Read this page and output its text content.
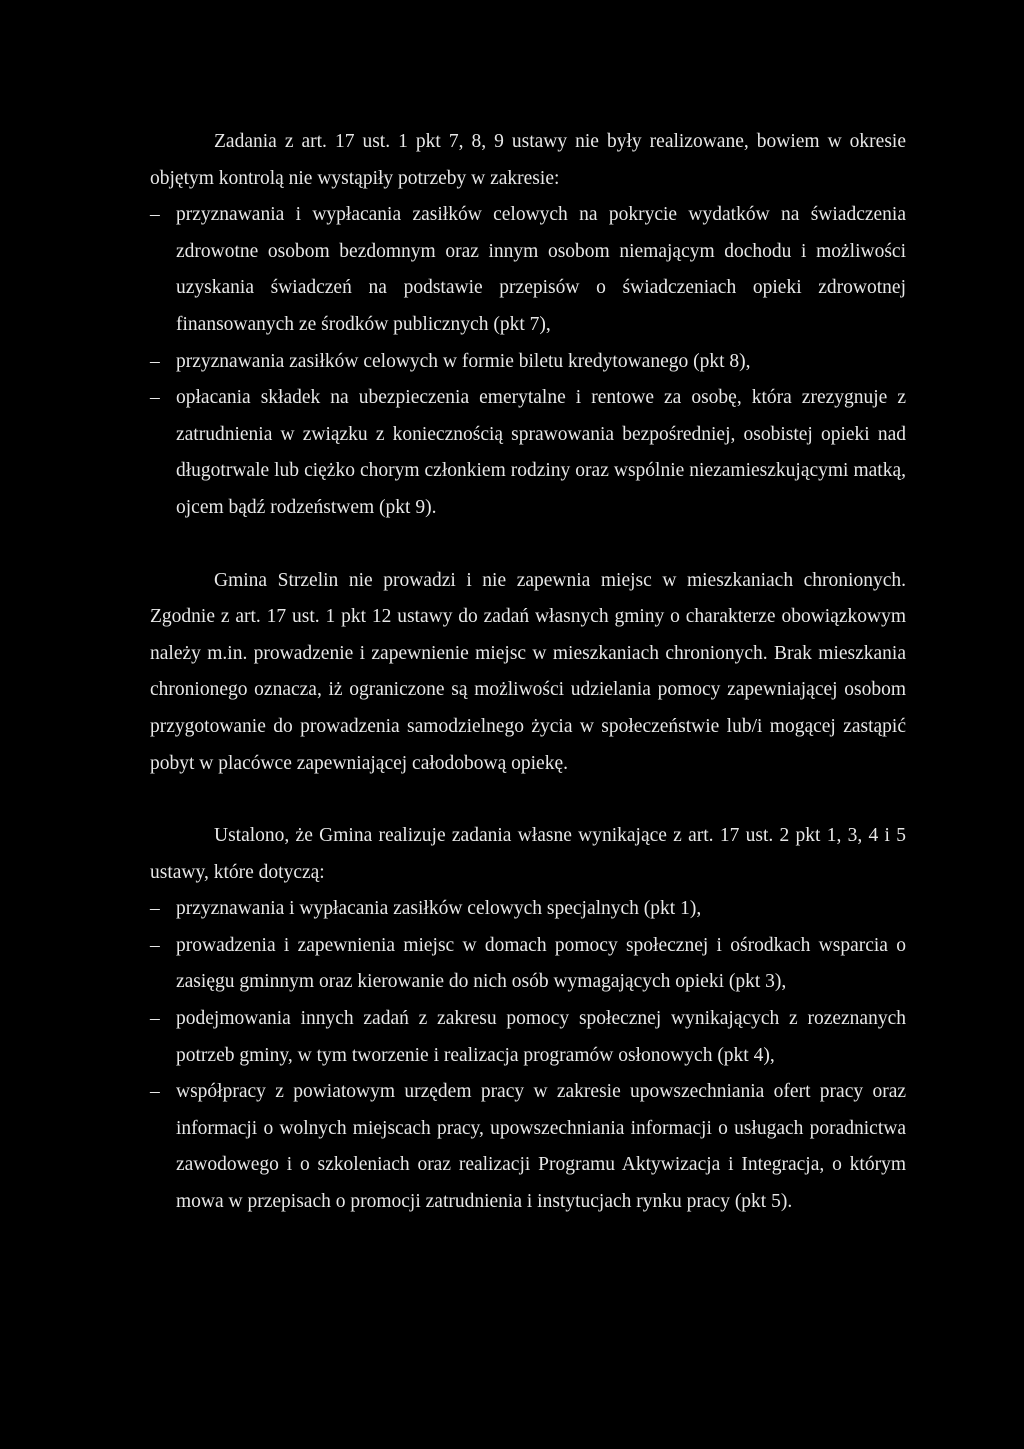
Zadania z art. 17 ust. 1 pkt 7, 8, 9 ustawy nie były realizowane, bowiem w okresie objętym kontrolą nie wystąpiły potrzeby w zakresie:

– przyznawania i wypłacania zasiłków celowych na pokrycie wydatków na świadczenia zdrowotne osobom bezdomnym oraz innym osobom niemającym dochodu i możliwości uzyskania świadczeń na podstawie przepisów o świadczeniach opieki zdrowotnej finansowanych ze środków publicznych (pkt 7),
– przyznawania zasiłków celowych w formie biletu kredytowanego (pkt 8),
– opłacania składek na ubezpieczenia emerytalne i rentowe za osobę, która zrezygnuje z zatrudnienia w związku z koniecznością sprawowania bezpośredniej, osobistej opieki nad długotrwale lub ciężko chorym członkiem rodziny oraz wspólnie niezamieszkującymi matką, ojcem bądź rodzeństwem (pkt 9).

Gmina Strzelin nie prowadzi i nie zapewnia miejsc w mieszkaniach chronionych. Zgodnie z art. 17 ust. 1 pkt 12 ustawy do zadań własnych gminy o charakterze obowiązkowym należy m.in. prowadzenie i zapewnienie miejsc w mieszkaniach chronionych. Brak mieszkania chronionego oznacza, iż ograniczone są możliwości udzielania pomocy zapewniającej osobom przygotowanie do prowadzenia samodzielnego życia w społeczeństwie lub/i mogącej zastąpić pobyt w placówce zapewniającej całodobową opiekę.

Ustalono, że Gmina realizuje zadania własne wynikające z art. 17 ust. 2 pkt 1, 3, 4 i 5 ustawy, które dotyczą:

– przyznawania i wypłacania zasiłków celowych specjalnych (pkt 1),
– prowadzenia i zapewnienia miejsc w domach pomocy społecznej i ośrodkach wsparcia o zasięgu gminnym oraz kierowanie do nich osób wymagających opieki (pkt 3),
– podejmowania innych zadań z zakresu pomocy społecznej wynikających z rozeznanych potrzeb gminy, w tym tworzenie i realizacja programów osłonowych (pkt 4),
– współpracy z powiatowym urzędem pracy w zakresie upowszechniania ofert pracy oraz informacji o wolnych miejscach pracy, upowszechniania informacji o usługach poradnictwa zawodowego i o szkoleniach oraz realizacji Programu Aktywizacja i Integracja, o którym mowa w przepisach o promocji zatrudnienia i instytucjach rynku pracy (pkt 5).
